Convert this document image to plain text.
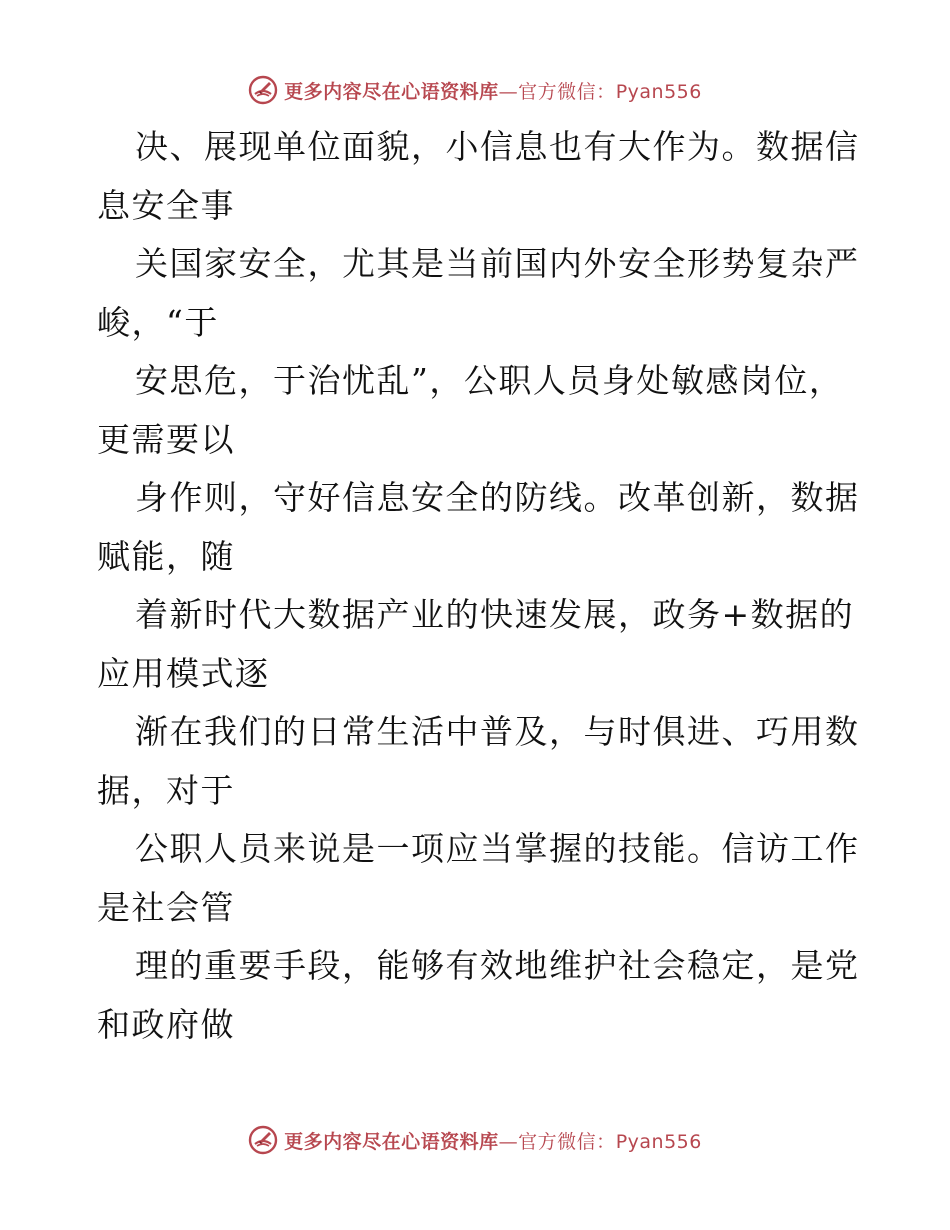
更多内容尽在心语资料库—官方微信：Pyan556
决、展现单位面貌，小信息也有大作为。数据信
息安全事
关国家安全，尤其是当前国内外安全形势复杂严
峻，“于
安思危，于治忧乱”，公职人员身处敏感岗位，
更需要以
身作则，守好信息安全的防线。改革创新，数据
赋能，随
着新时代大数据产业的快速发展，政务+数据的
应用模式逐
渐在我们的日常生活中普及，与时俱进、巧用数
据，对于
公职人员来说是一项应当掌握的技能。信访工作
是社会管
理的重要手段，能够有效地维护社会稳定，是党
和政府做
更多内容尽在心语资料库—官方微信：Pyan556
